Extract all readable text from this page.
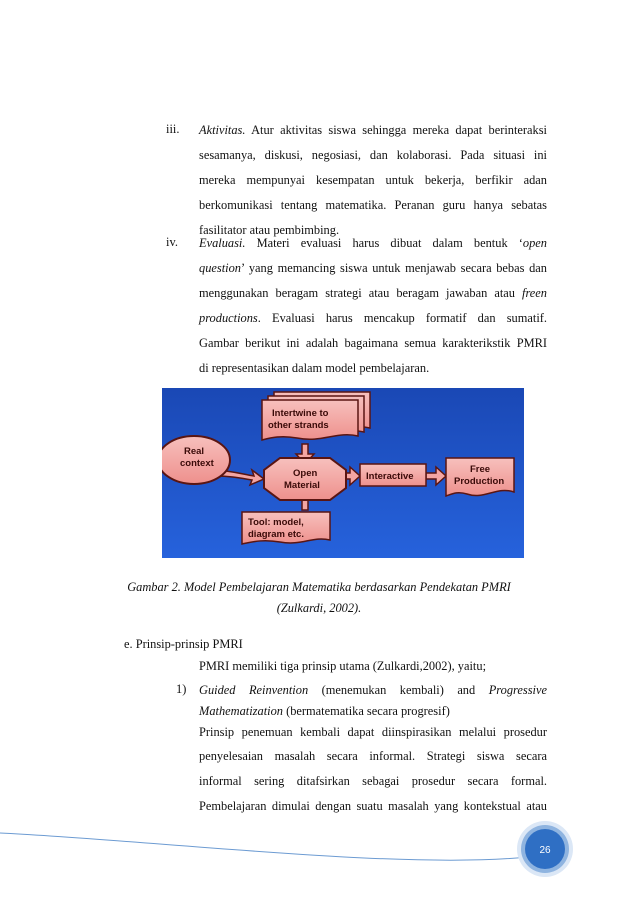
iii. Aktivitas. Atur aktivitas siswa sehingga mereka dapat berinteraksi
sesamanya, diskusi, negosiasi, dan kolaborasi. Pada situasi ini
mereka mempunyai kesempatan untuk bekerja, berfikir adan
berkomunikasi tentang matematika. Peranan guru hanya sebatas
fasilitator atau pembimbing.
iv. Evaluasi. Materi evaluasi harus dibuat dalam bentuk ‘open
question’ yang memancing siswa untuk menjawab secara bebas dan
menggunakan beragam strategi atau beragam jawaban atau freen
productions. Evaluasi harus mencakup formatif dan sumatif.
Gambar berikut ini adalah bagaimana semua karakterikstik PMRI
di representasikan dalam model pembelajaran.
Real
context
Intertwine to
other strands
Open
Material
Interactive
Free
Production
Tool: model,
diagram etc.
Gambar 2. Model Pembelajaran Matematika berdasarkan Pendekatan PMRI
(Zulkardi, 2002).
e. Prinsip-prinsip PMRI
PMRI memiliki tiga prinsip utama (Zulkardi,2002), yaitu;
1) Guided Reinvention (menemukan kembali) and Progressive
Mathematization (bermatematika secara progresif)
Prinsip penemuan kembali dapat diinspirasikan melalui prosedur
penyelesaian masalah secara informal. Strategi siswa secara
informal sering ditafsirkan sebagai prosedur secara formal.
Pembelajaran dimulai dengan suatu masalah yang kontekstual atau
26
